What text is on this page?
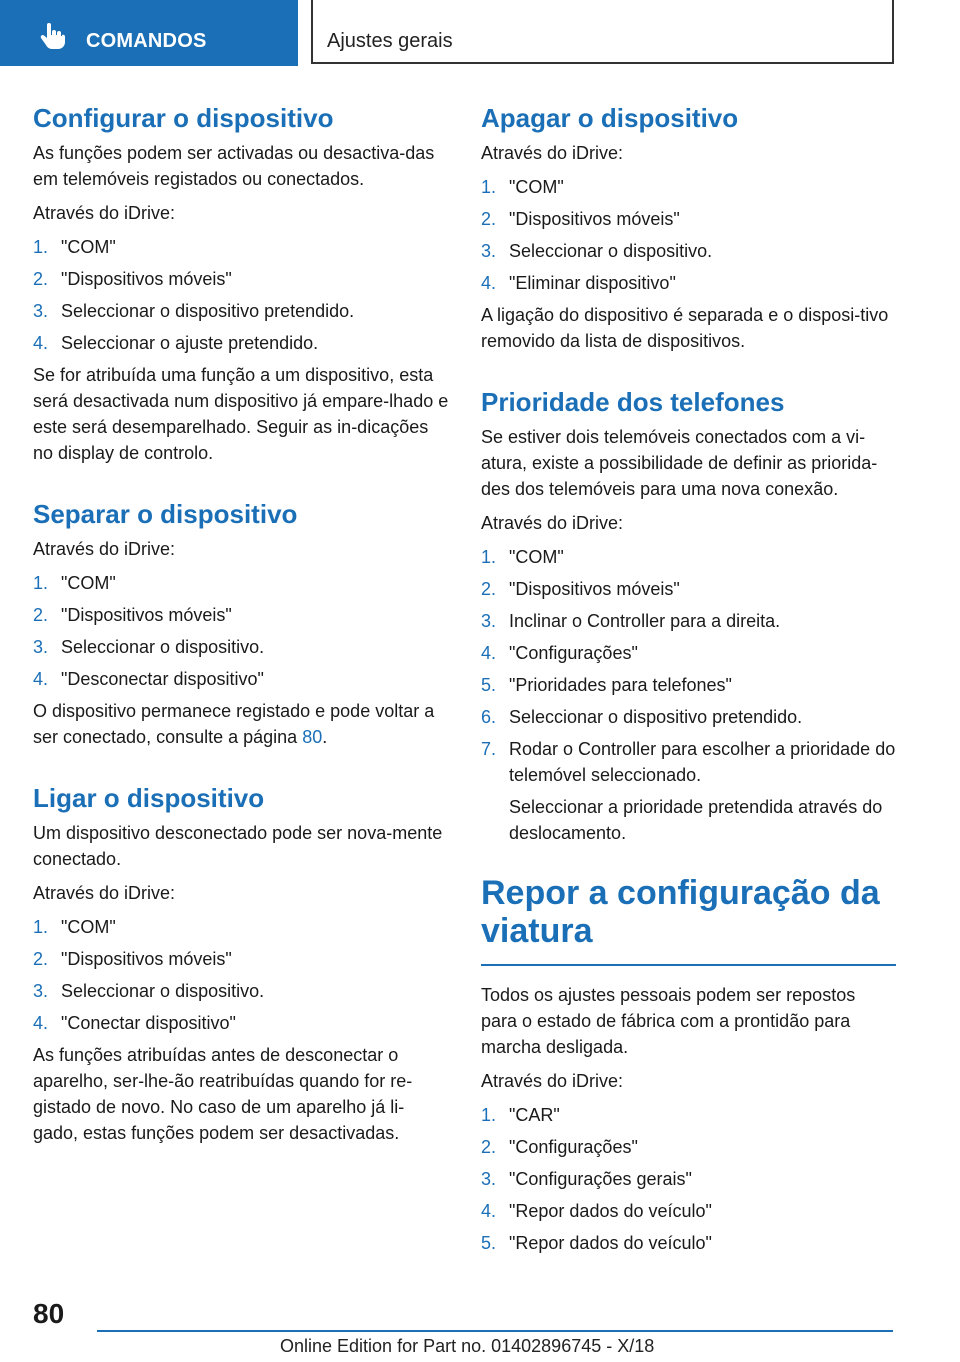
COMANDOS	Ajustes gerais
Configurar o dispositivo

As funções podem ser activadas ou desactiva-das em telemóveis registados ou conectados.

Através do iDrive:

1. "COM"
2. "Dispositivos móveis"
3. Seleccionar o dispositivo pretendido.
4. Seleccionar o ajuste pretendido.

Se for atribuída uma função a um dispositivo, esta será desactivada num dispositivo já empare-lhado e este será desemparelhado. Seguir as in-dicações no display de controlo.

Separar o dispositivo

Através do iDrive:

1. "COM"
2. "Dispositivos móveis"
3. Seleccionar o dispositivo.
4. "Desconectar dispositivo"

O dispositivo permanece registado e pode voltar a ser conectado, consulte a página 80.

Ligar o dispositivo

Um dispositivo desconectado pode ser nova-mente conectado.

Através do iDrive:

1. "COM"
2. "Dispositivos móveis"
3. Seleccionar o dispositivo.
4. "Conectar dispositivo"

As funções atribuídas antes de desconectar o aparelho, ser-lhe-ão reatribuídas quando for re-gistado de novo. No caso de um aparelho já li-gado, estas funções podem ser desactivadas.

Apagar o dispositivo

Através do iDrive:

1. "COM"
2. "Dispositivos móveis"
3. Seleccionar o dispositivo.
4. "Eliminar dispositivo"

A ligação do dispositivo é separada e o disposi-tivo removido da lista de dispositivos.

Prioridade dos telefones

Se estiver dois telemóveis conectados com a vi-atura, existe a possibilidade de definir as priorida-des dos telemóveis para uma nova conexão.

Através do iDrive:

1. "COM"
2. "Dispositivos móveis"
3. Inclinar o Controller para a direita.
4. "Configurações"
5. "Prioridades para telefones"
6. Seleccionar o dispositivo pretendido.
7. Rodar o Controller para escolher a prioridade do telemóvel seleccionado.
Seleccionar a prioridade pretendida através do deslocamento.
Repor a configuração da viatura

Todos os ajustes pessoais podem ser repostos para o estado de fábrica com a prontidão para marcha desligada.

Através do iDrive:

1. "CAR"
2. "Configurações"
3. "Configurações gerais"
4. "Repor dados do veículo"
5. "Repor dados do veículo"
80
Online Edition for Part no. 01402896745 - X/18
